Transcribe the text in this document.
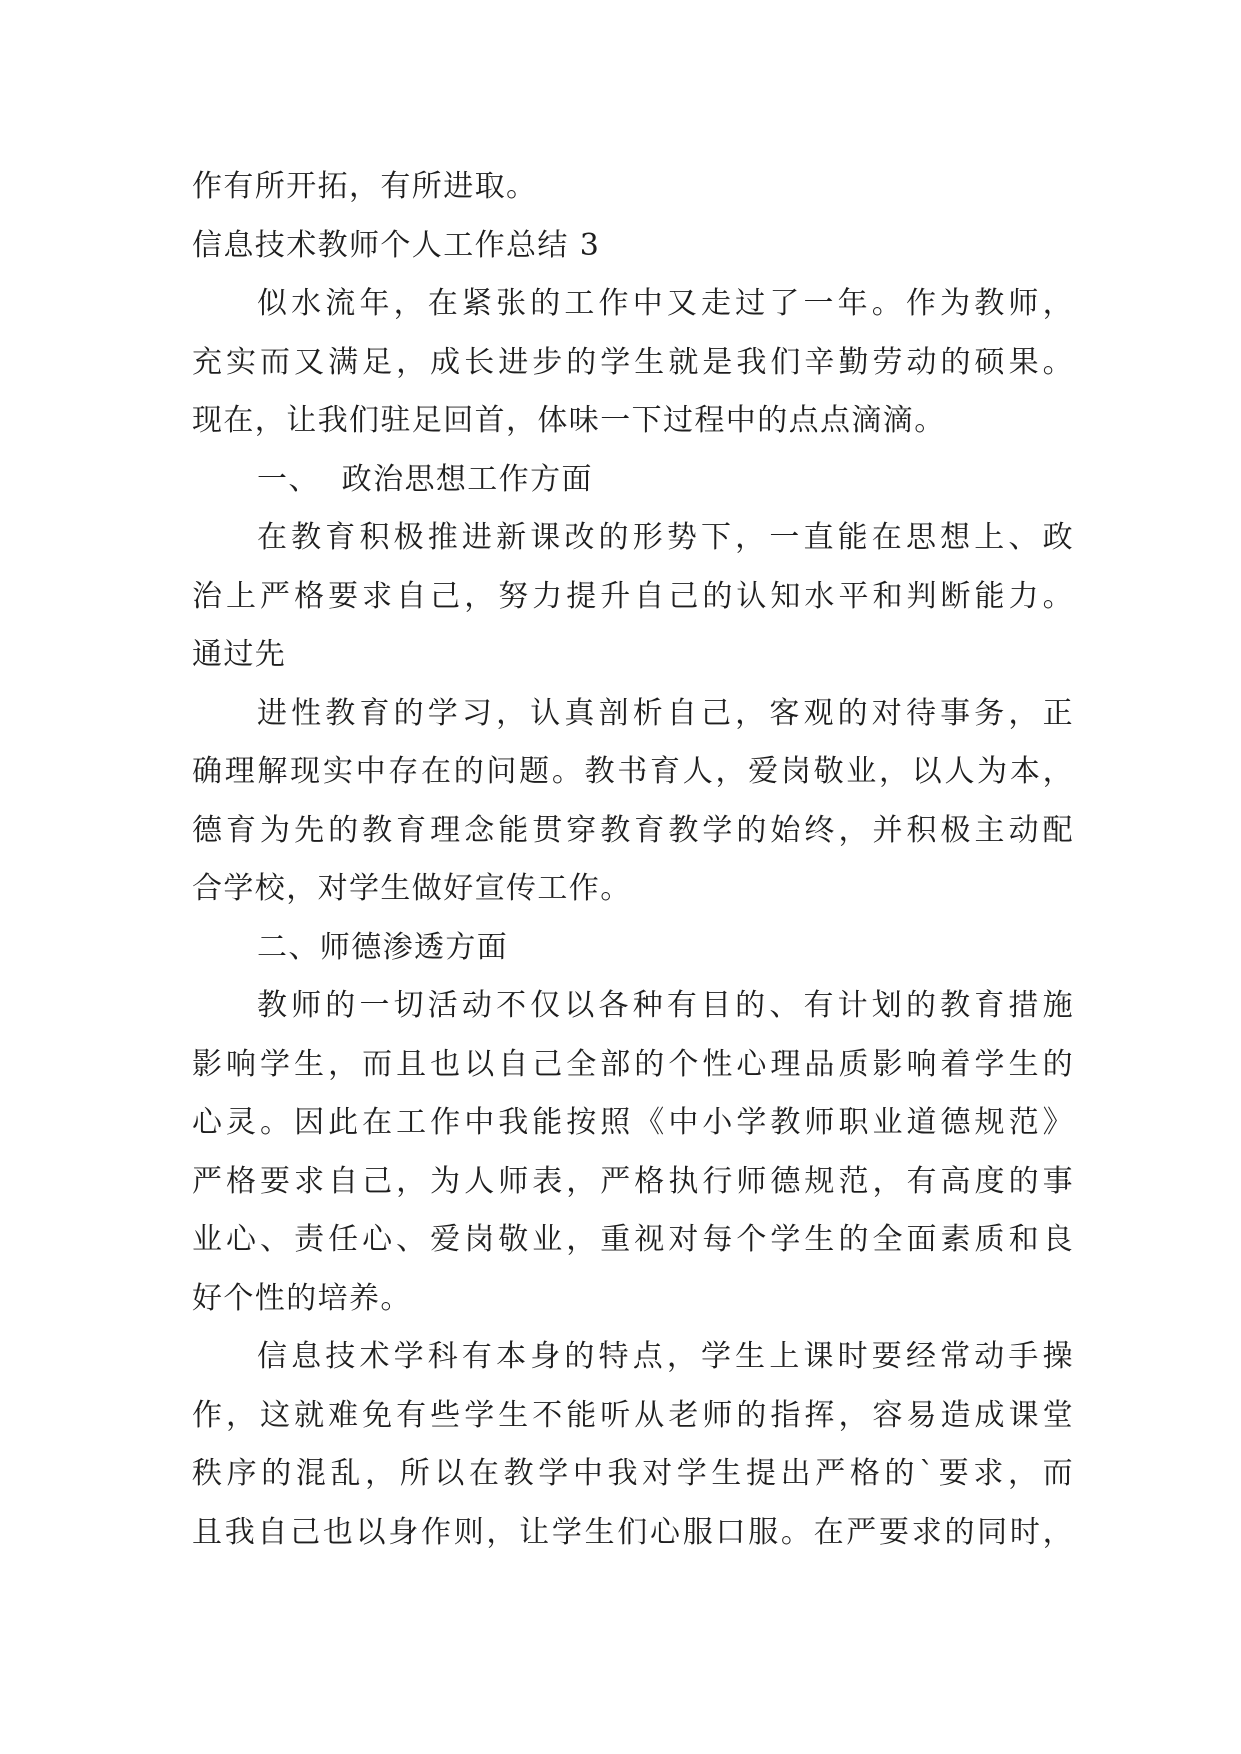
作有所开拓，有所进取。
信息技术教师个人工作总结 3
似水流年，在紧张的工作中又走过了一年。作为教师，
充实而又满足，成长进步的学生就是我们辛勤劳动的硕果。
现在，让我们驻足回首，体味一下过程中的点点滴滴。
一、  政治思想工作方面
在教育积极推进新课改的形势下，一直能在思想上、政
治上严格要求自己，努力提升自己的认知水平和判断能力。
通过先
进性教育的学习，认真剖析自己，客观的对待事务，正
确理解现实中存在的问题。教书育人，爱岗敬业，以人为本，
德育为先的教育理念能贯穿教育教学的始终，并积极主动配
合学校，对学生做好宣传工作。
二、师德渗透方面
教师的一切活动不仅以各种有目的、有计划的教育措施
影响学生，而且也以自己全部的个性心理品质影响着学生的
心灵。因此在工作中我能按照《中小学教师职业道德规范》
严格要求自己，为人师表，严格执行师德规范，有高度的事
业心、责任心、爱岗敬业，重视对每个学生的全面素质和良
好个性的培养。
信息技术学科有本身的特点，学生上课时要经常动手操
作，这就难免有些学生不能听从老师的指挥，容易造成课堂
秩序的混乱，所以在教学中我对学生提出严格的`要求，而
且我自己也以身作则，让学生们心服口服。在严要求的同时，
